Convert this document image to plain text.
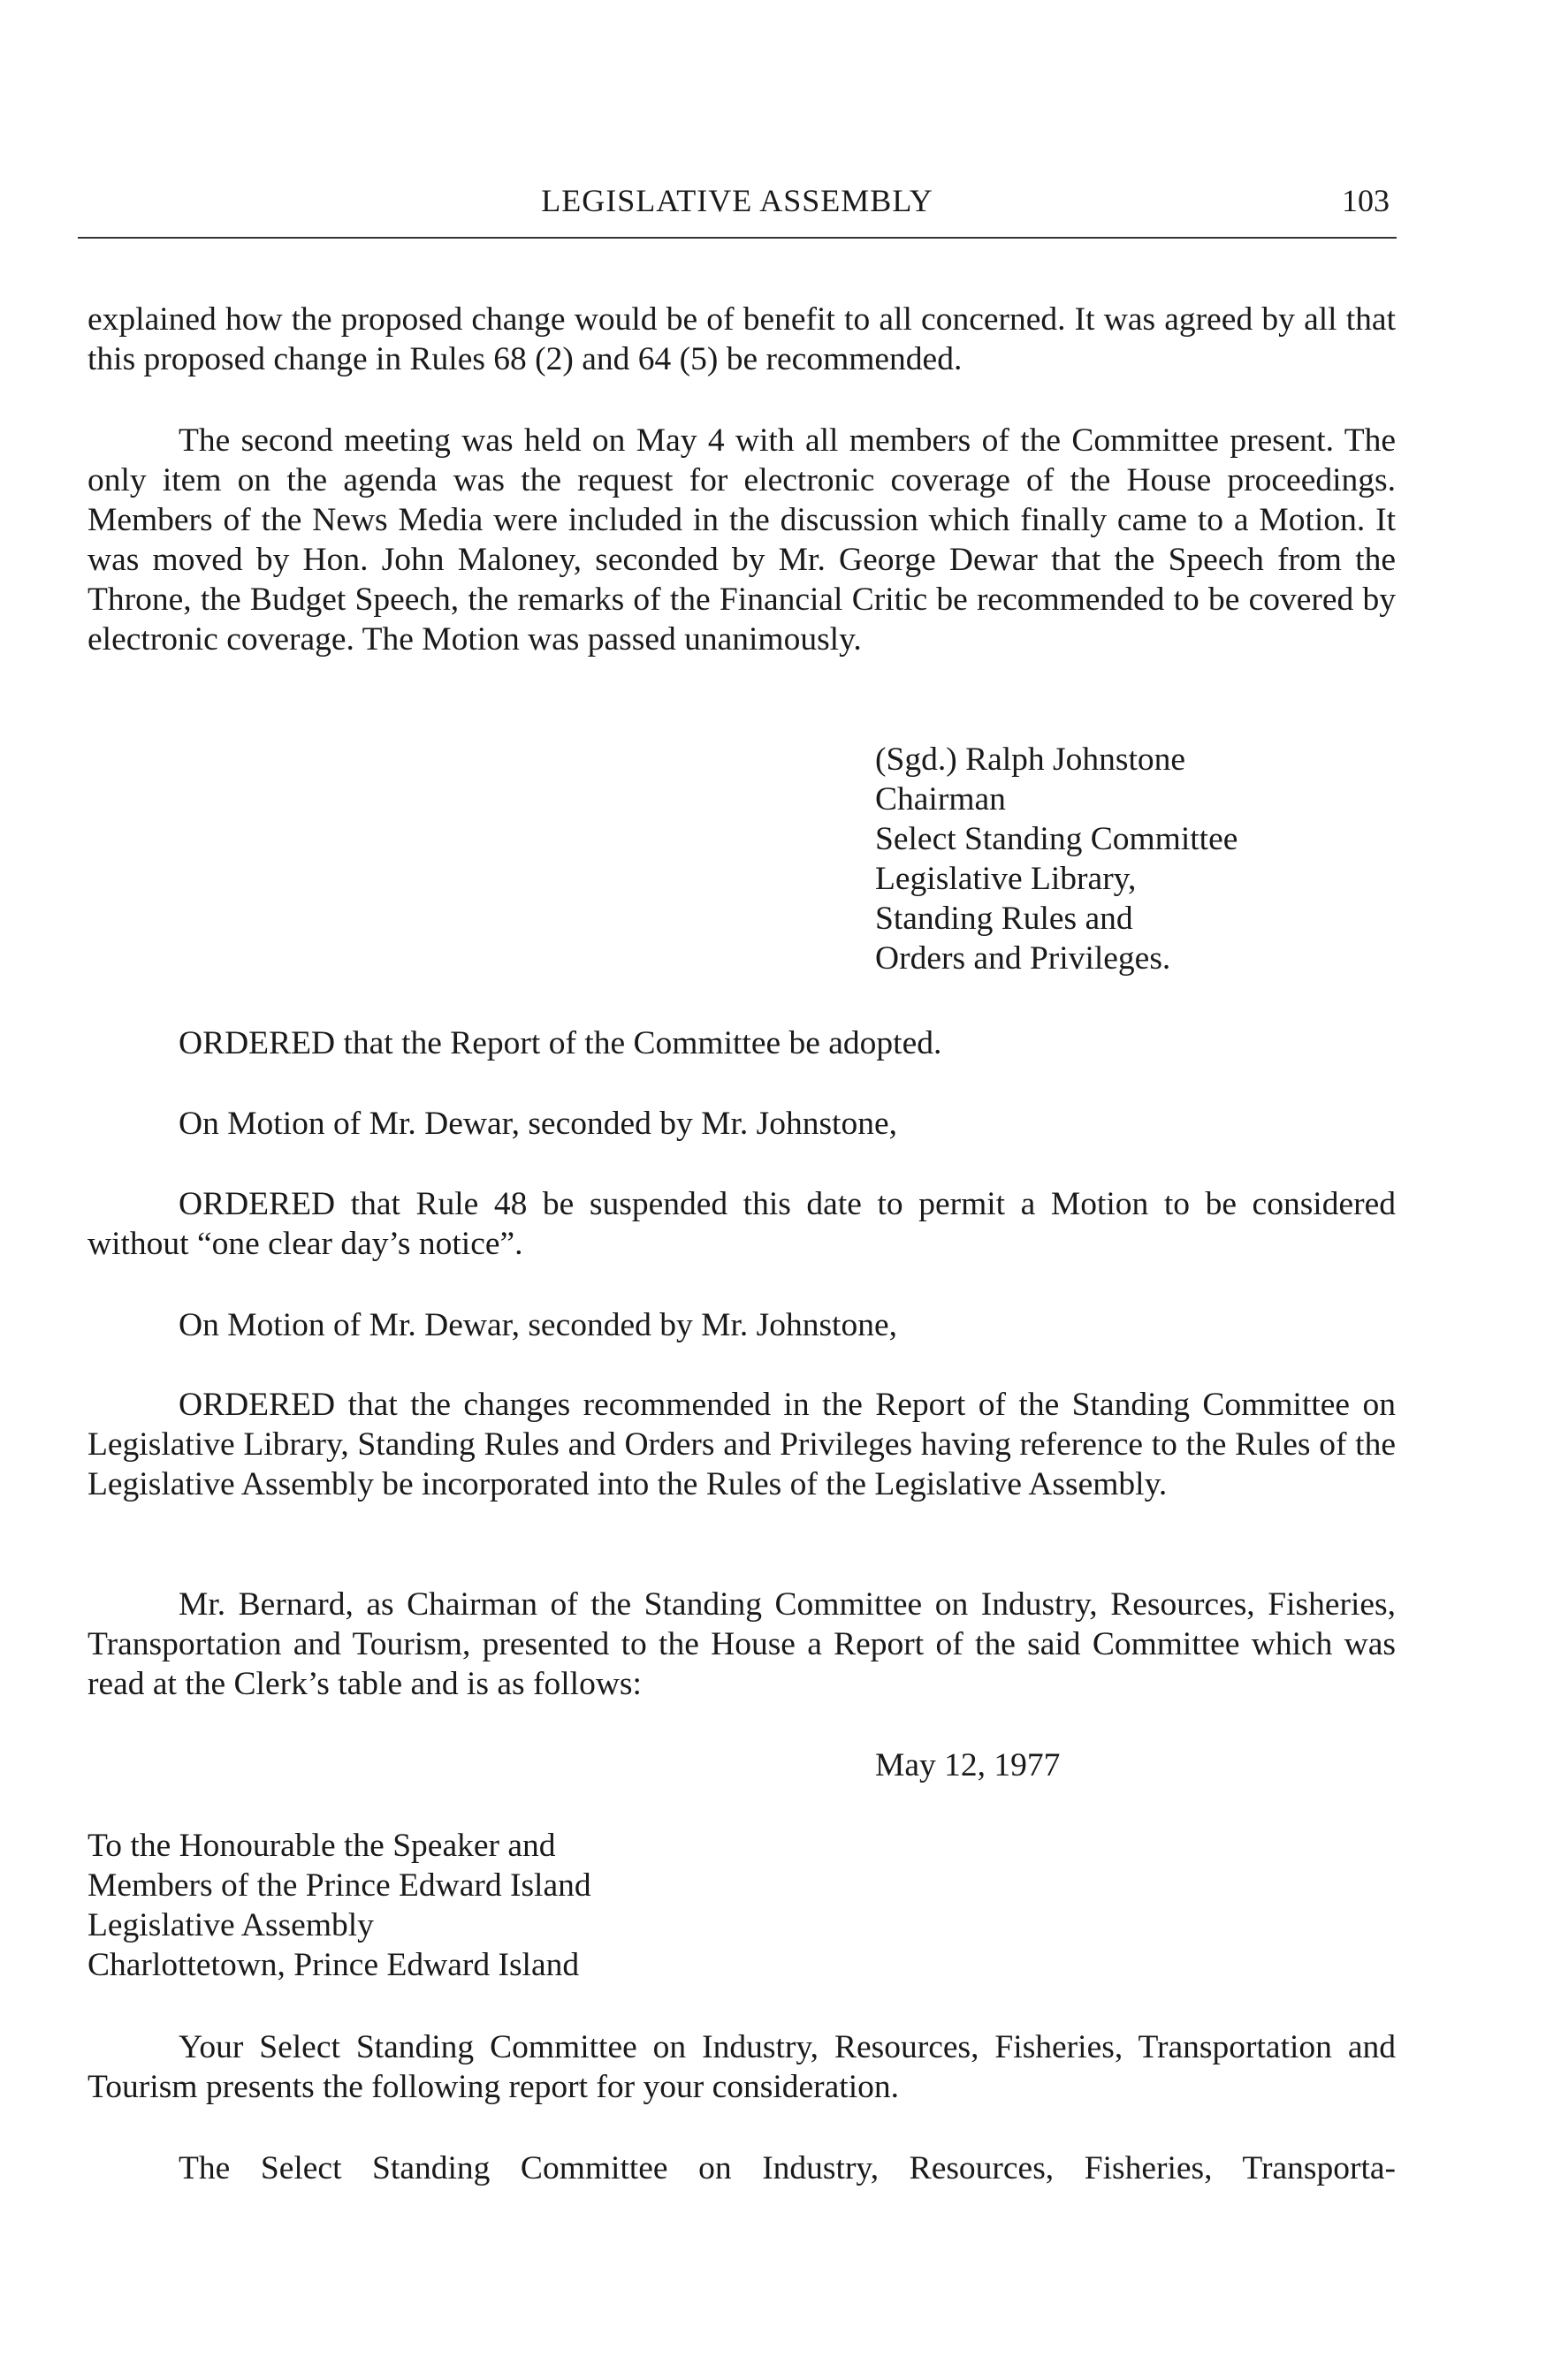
LEGISLATIVE ASSEMBLY	103

explained how the proposed change would be of benefit to all concerned. It was agreed by all that this proposed change in Rules 68 (2) and 64 (5) be recommended.

The second meeting was held on May 4 with all members of the Committee present. The only item on the agenda was the request for electronic coverage of the House proceedings. Members of the News Media were included in the discussion which finally came to a Motion. It was moved by Hon. John Maloney, seconded by Mr. George Dewar that the Speech from the Throne, the Budget Speech, the remarks of the Financial Critic be recommended to be covered by electronic coverage. The Motion was passed unanimously.

(Sgd.) Ralph Johnstone
Chairman
Select Standing Committee
Legislative Library,
Standing Rules and
Orders and Privileges.

ORDERED that the Report of the Committee be adopted.

On Motion of Mr. Dewar, seconded by Mr. Johnstone,

ORDERED that Rule 48 be suspended this date to permit a Motion to be considered without “one clear day’s notice”.

On Motion of Mr. Dewar, seconded by Mr. Johnstone,

ORDERED that the changes recommended in the Report of the Standing Committee on Legislative Library, Standing Rules and Orders and Privileges having reference to the Rules of the Legislative Assembly be incorporated into the Rules of the Legislative Assembly.

Mr. Bernard, as Chairman of the Standing Committee on Industry, Resources, Fisheries, Transportation and Tourism, presented to the House a Report of the said Committee which was read at the Clerk’s table and is as follows:

May 12, 1977
To the Honourable the Speaker and
Members of the Prince Edward Island
Legislative Assembly
Charlottetown, Prince Edward Island

Your Select Standing Committee on Industry, Resources, Fisheries, Transportation and Tourism presents the following report for your consideration.

The Select Standing Committee on Industry, Resources, Fisheries, Transporta-
